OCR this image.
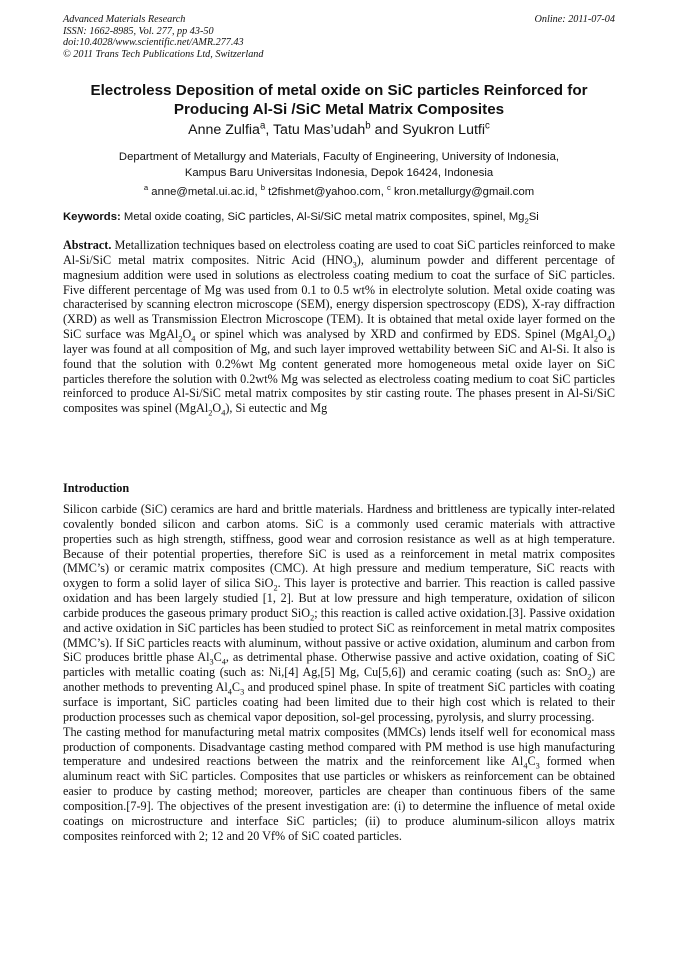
Advanced Materials Research
ISSN: 1662-8985, Vol. 277, pp 43-50
doi:10.4028/www.scientific.net/AMR.277.43
© 2011 Trans Tech Publications Ltd, Switzerland
Online: 2011-07-04
Electroless Deposition of metal oxide on SiC particles Reinforced for
Producing Al-Si /SiC Metal Matrix Composites
Anne Zulfia$^a$, Tatu Mas’udah$^b$ and Syukron Lutfi$^c$
Department of Metallurgy and Materials, Faculty of Engineering, University of Indonesia,
Kampus Baru Universitas Indonesia, Depok 16424, Indonesia
$^a$ anne@metal.ui.ac.id, $^b$ t2fishmet@yahoo.com, $^c$ kron.metallurgy@gmail.com
Keywords: Metal oxide coating, SiC particles, Al-Si/SiC metal matrix composites, spinel, $Mg_2Si$
Abstract. Metallization techniques based on electroless coating are used to coat SiC particles reinforced to make Al-Si/SiC metal matrix composites. Nitric Acid $(HNO_3)$, aluminum powder and different percentage of magnesium addition were used in solutions as electroless coating medium to coat the surface of SiC particles. Five different percentage of Mg was used from 0.1 to 0.5 wt% in electrolyte solution. Metal oxide coating was characterised by scanning electron microscope (SEM), energy dispersion spectroscopy (EDS), X-ray diffraction (XRD) as well as Transmission Electron Microscope (TEM). It is obtained that metal oxide layer formed on the SiC surface was $MgAl_2O_4$ or spinel which was analysed by XRD and confirmed by EDS. Spinel $(MgAl_2O_4)$ layer was found at all composition of Mg, and such layer improved wettability between SiC and Al-Si. It also is found that the solution with 0.2%wt Mg content generated more homogeneous metal oxide layer on SiC particles therefore the solution with 0.2wt% Mg was selected as electroless coating medium to coat SiC particles reinforced to produce Al-Si/SiC metal matrix composites by stir casting route. The phases present in Al-Si/SiC composites was spinel $(MgAl_2O_4)$, Si eutectic and Mg
Introduction

Silicon carbide (SiC) ceramics are hard and brittle materials. Hardness and brittleness are typically inter-related covalently bonded silicon and carbon atoms. SiC is a commonly used ceramic materials with attractive properties such as high strength, stiffness, good wear and corrosion resistance as well as at high temperature. Because of their potential properties, therefore SiC is used as a reinforcement in metal matrix composites (MMC’s) or ceramic matrix composites (CMC). At high pressure and medium temperature, SiC reacts with oxygen to form a solid layer of silica SiO$_2$. This layer is protective and barrier. This reaction is called passive oxidation and has been largely studied [1, 2]. But at low pressure and high temperature, oxidation of silicon carbide produces the gaseous primary product SiO$_2$; this reaction is called active oxidation.[3]. Passive oxidation and active oxidation in SiC particles has been studied to protect SiC as reinforcement in metal matrix composites (MMC’s). If SiC particles reacts with aluminum, without passive or active oxidation, aluminum and carbon from SiC produces brittle phase $Al_3C_4$, as detrimental phase. Otherwise passive and active oxidation, coating of SiC particles with metallic coating (such as: Ni,[4] Ag,[5] Mg, Cu[5,6]) and ceramic coating (such as: SnO$_2$) are another methods to preventing $Al_4C_3$ and produced spinel phase. In spite of treatment SiC particles with coating surface is important, SiC particles coating had been limited due to their high cost which is related to their production processes such as chemical vapor deposition, sol-gel processing, pyrolysis, and slurry processing.

The casting method for manufacturing metal matrix composites (MMCs) lends itself well for economical mass production of components. Disadvantage casting method compared with PM method is use high manufacturing temperature and undesired reactions between the matrix and the reinforcement like $Al_4C_3$ formed when aluminum react with SiC particles. Composites that use particles or whiskers as reinforcement can be obtained easier to produce by casting method; moreover, particles are cheaper than continuous fibers of the same composition.[7-9]. The objectives of the present investigation are: (i) to determine the influence of metal oxide coatings on microstructure and interface SiC particles; (ii) to produce aluminum-silicon alloys matrix composites reinforced with 2; 12 and 20 Vf% of SiC coated particles.
